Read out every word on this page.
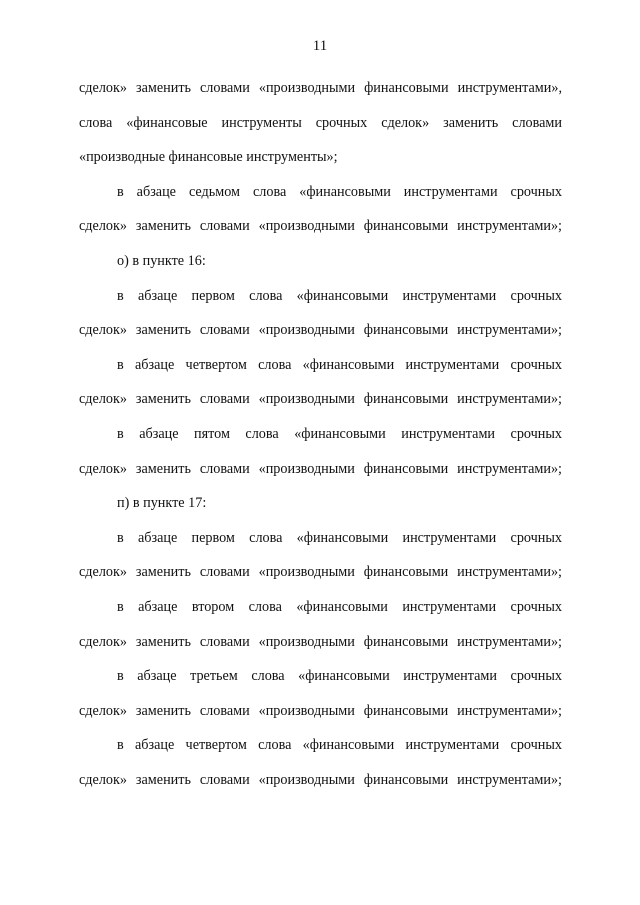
11
сделок» заменить словами «производными финансовыми инструментами»,
слова «финансовые инструменты срочных сделок» заменить словами
«производные финансовые инструменты»;
в абзаце седьмом слова «финансовыми инструментами срочных
сделок» заменить словами «производными финансовыми инструментами»;
о) в пункте 16:
в абзаце первом слова «финансовыми инструментами срочных
сделок» заменить словами «производными финансовыми инструментами»;
в абзаце четвертом слова «финансовыми инструментами срочных
сделок» заменить словами «производными финансовыми инструментами»;
в абзаце пятом слова «финансовыми инструментами срочных
сделок» заменить словами «производными финансовыми инструментами»;
п) в пункте 17:
в абзаце первом слова «финансовыми инструментами срочных
сделок» заменить словами «производными финансовыми инструментами»;
в абзаце втором слова «финансовыми инструментами срочных
сделок» заменить словами «производными финансовыми инструментами»;
в абзаце третьем слова «финансовыми инструментами срочных
сделок» заменить словами «производными финансовыми инструментами»;
в абзаце четвертом слова «финансовыми инструментами срочных
сделок» заменить словами «производными финансовыми инструментами»;
